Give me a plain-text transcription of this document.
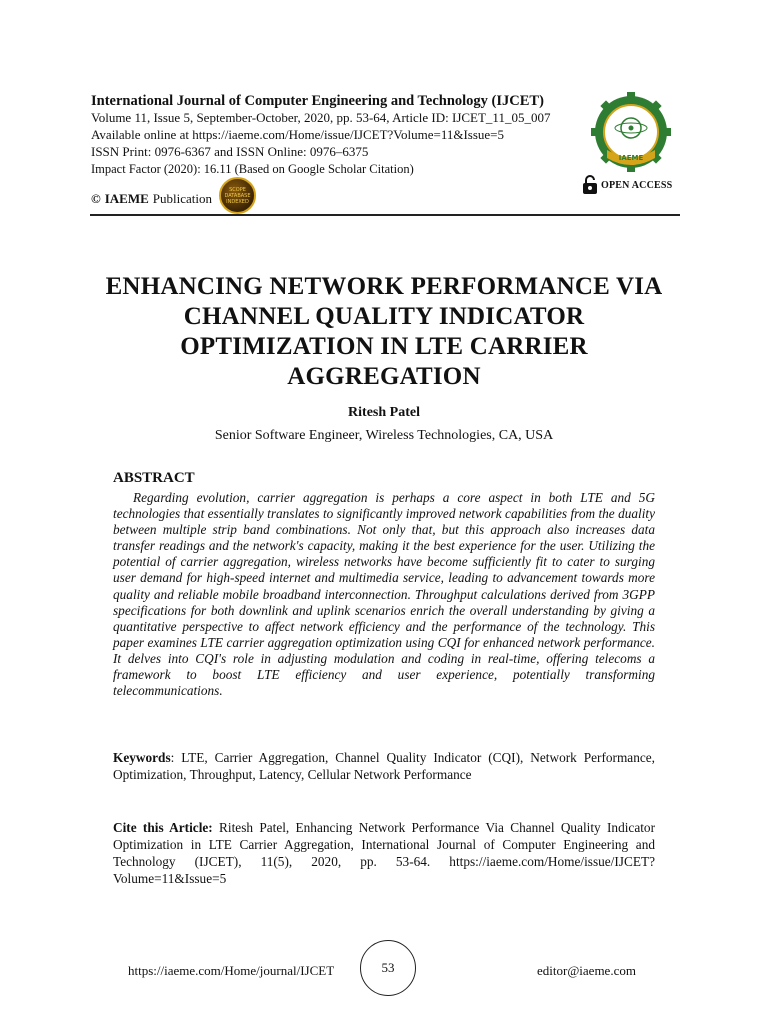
International Journal of Computer Engineering and Technology (IJCET)
Volume 11, Issue 5, September-October, 2020, pp. 53-64, Article ID: IJCET_11_05_007
Available online at https://iaeme.com/Home/issue/IJCET?Volume=11&Issue=5
ISSN Print: 0976-6367 and ISSN Online: 0976–6375
Impact Factor (2020): 16.11 (Based on Google Scholar Citation)
© IAEME Publication
SCOPE
DATABASE
INDEXED
IAEME
OPEN ACCESS
ENHANCING NETWORK PERFORMANCE VIA CHANNEL QUALITY INDICATOR OPTIMIZATION IN LTE CARRIER AGGREGATION
Ritesh Patel
Senior Software Engineer, Wireless Technologies, CA, USA
ABSTRACT
Regarding evolution, carrier aggregation is perhaps a core aspect in both LTE and 5G technologies that essentially translates to significantly improved network capabilities from the duality between multiple strip band combinations. Not only that, but this approach also increases data transfer readings and the network's capacity, making it the best experience for the user. Utilizing the potential of carrier aggregation, wireless networks have become sufficiently fit to cater to surging user demand for high-speed internet and multimedia service, leading to advancement towards more quality and reliable mobile broadband interconnection. Throughput calculations derived from 3GPP specifications for both downlink and uplink scenarios enrich the overall understanding by giving a quantitative perspective to affect network efficiency and the performance of the technology. This paper examines LTE carrier aggregation optimization using CQI for enhanced network performance. It delves into CQI's role in adjusting modulation and coding in real-time, offering telecoms a framework to boost LTE efficiency and user experience, potentially transforming telecommunications.
Keywords: LTE, Carrier Aggregation, Channel Quality Indicator (CQI), Network Performance, Optimization, Throughput, Latency, Cellular Network Performance
Cite this Article: Ritesh Patel, Enhancing Network Performance Via Channel Quality Indicator Optimization in LTE Carrier Aggregation, International Journal of Computer Engineering and Technology (IJCET), 11(5), 2020, pp. 53-64. https://iaeme.com/Home/issue/IJCET?Volume=11&Issue=5
https://iaeme.com/Home/journal/IJCET	53	editor@iaeme.com
